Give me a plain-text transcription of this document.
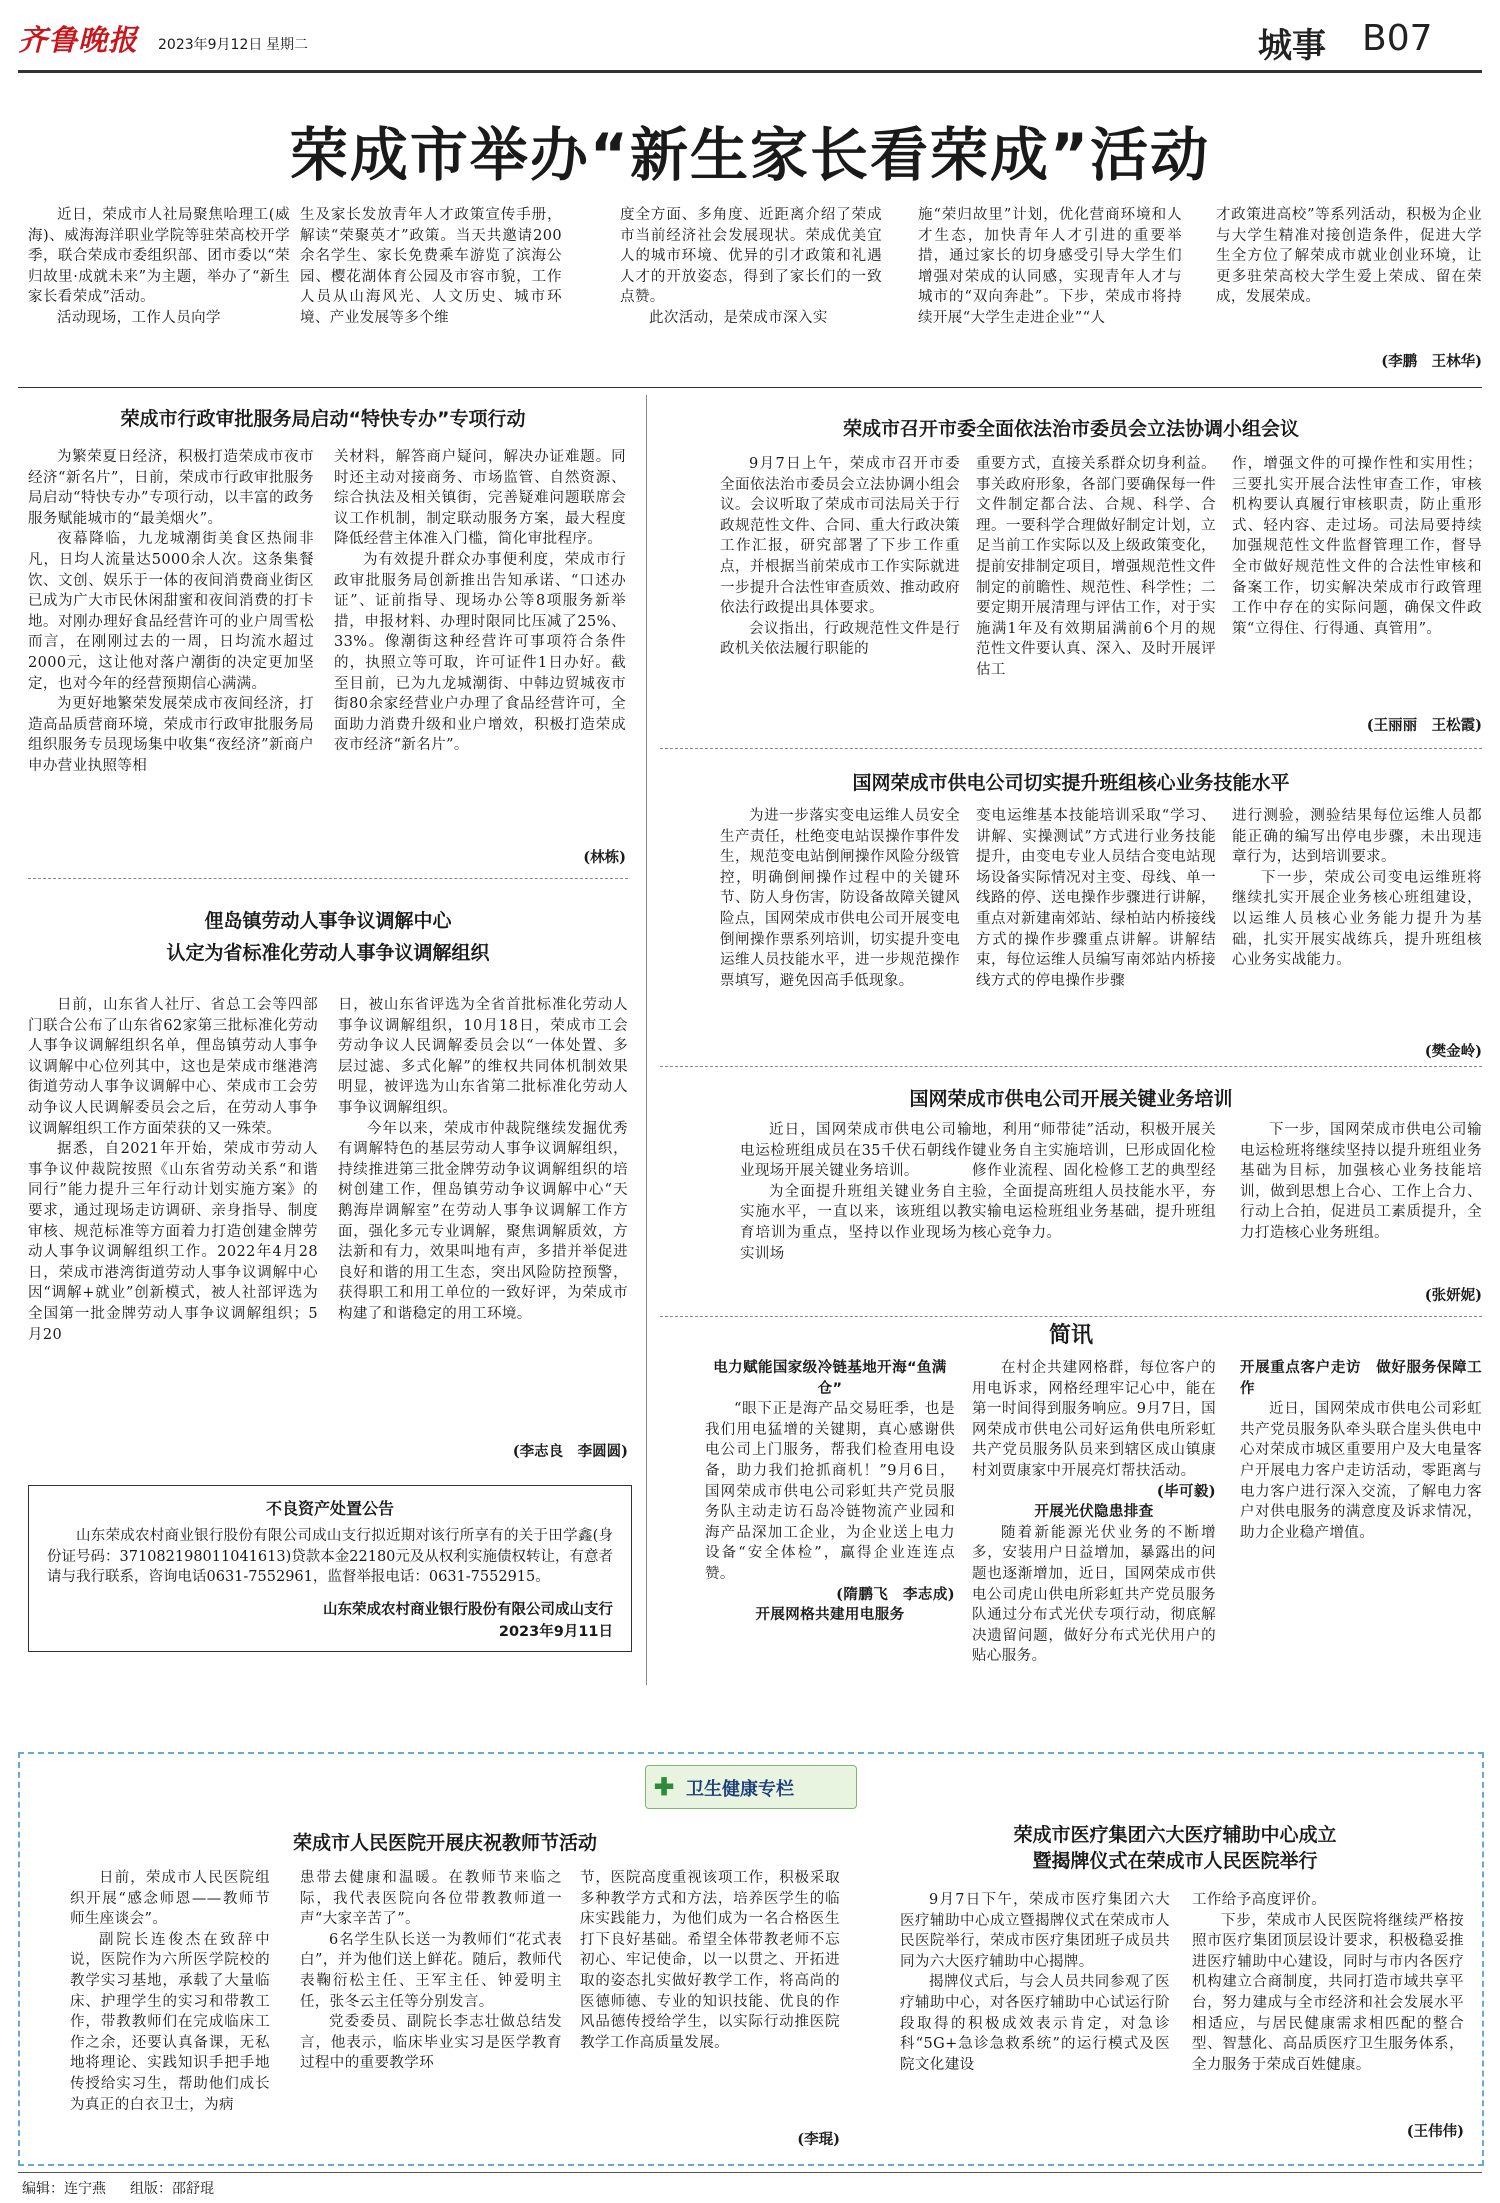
齐鲁晚报 2023年9月12日 星期二	城事 B07
荣成市举办“新生家长看荣成”活动

近日，荣成市人社局聚焦哈理工(威海)、威海海洋职业学院等驻荣高校开学季，联合荣成市委组织部、团市委以“荣归故里·成就未来”为主题，举办了“新生家长看荣成”活动。

活动现场，工作人员向学

生及家长发放青年人才政策宣传手册，解读“荣聚英才”政策。当天共邀请200余名学生、家长免费乘车游览了滨海公园、樱花湖体育公园及市容市貌，工作人员从山海风光、人文历史、城市环境、产业发展等多个维

度全方面、多角度、近距离介绍了荣成市当前经济社会发展现状。荣成优美宜人的城市环境、优异的引才政策和礼遇人才的开放姿态，得到了家长们的一致点赞。

此次活动，是荣成市深入实

施“荣归故里”计划，优化营商环境和人才生态，加快青年人才引进的重要举措，通过家长的切身感受引导大学生们增强对荣成的认同感，实现青年人才与城市的“双向奔赴”。下步，荣成市将持续开展“大学生走进企业”“人

才政策进高校”等系列活动，积极为企业与大学生精准对接创造条件，促进大学生全方位了解荣成市就业创业环境，让更多驻荣高校大学生爱上荣成、留在荣成，发展荣成。

(李鹏　王林华)
荣成市行政审批服务局启动“特快专办”专项行动

为繁荣夏日经济，积极打造荣成市夜市经济“新名片”，日前，荣成市行政审批服务局启动“特快专办”专项行动，以丰富的政务服务赋能城市的“最美烟火”。

夜幕降临，九龙城潮街美食区热闹非凡，日均人流量达5000余人次。这条集餐饮、文创、娱乐于一体的夜间消费商业街区已成为广大市民休闲甜蜜和夜间消费的打卡地。对刚办理好食品经营许可的业户周雪松而言，在刚刚过去的一周，日均流水超过2000元，这让他对落户潮街的决定更加坚定，也对今年的经营预期信心满满。

为更好地繁荣发展荣成市夜间经济，打造高品质营商环境，荣成市行政审批服务局组织服务专员现场集中收集“夜经济”新商户申办营业执照等相

关材料，解答商户疑问，解决办证难题。同时还主动对接商务、市场监管、自然资源、综合执法及相关镇街，完善疑难问题联席会议工作机制，制定联动服务方案，最大程度降低经营主体准入门槛，简化审批程序。

为有效提升群众办事便利度，荣成市行政审批服务局创新推出告知承诺、“口述办证”、证前指导、现场办公等8项服务新举措，申报材料、办理时限同比压减了25%、33%。像潮街这种经营许可事项符合条件的，执照立等可取，许可证件1日办好。截至目前，已为九龙城潮街、中韩边贸城夜市街80余家经营业户办理了食品经营许可，全面助力消费升级和业户增效，积极打造荣成夜市经济“新名片”。

(林栋)
俚岛镇劳动人事争议调解中心
认定为省标准化劳动人事争议调解组织

日前，山东省人社厅、省总工会等四部门联合公布了山东省62家第三批标准化劳动人事争议调解组织名单，俚岛镇劳动人事争议调解中心位列其中，这也是荣成市继港湾街道劳动人事争议调解中心、荣成市工会劳动争议人民调解委员会之后，在劳动人事争议调解组织工作方面荣获的又一殊荣。

据悉，自2021年开始，荣成市劳动人事争议仲裁院按照《山东省劳动关系“和谐同行”能力提升三年行动计划实施方案》的要求，通过现场走访调研、亲身指导、制度审核、规范标准等方面着力打造创建金牌劳动人事争议调解组织工作。2022年4月28日，荣成市港湾街道劳动人事争议调解中心因“调解+就业”创新模式，被人社部评选为全国第一批金牌劳动人事争议调解组织；5月20

日，被山东省评选为全省首批标准化劳动人事争议调解组织，10月18日，荣成市工会劳动争议人民调解委员会以“一体处置、多层过滤、多式化解”的维权共同体机制效果明显，被评选为山东省第二批标准化劳动人事争议调解组织。

今年以来，荣成市仲裁院继续发掘优秀有调解特色的基层劳动人事争议调解组织，持续推进第三批金牌劳动争议调解组织的培树创建工作，俚岛镇劳动争议调解中心“天鹅海岸调解室”在劳动人事争议调解工作方面，强化多元专业调解，聚焦调解质效，方法新和有力，效果叫地有声，多措并举促进良好和谐的用工生态，突出风险防控预警，获得职工和用工单位的一致好评，为荣成市构建了和谐稳定的用工环境。

(李志良　李圆圆)
不良资产处置公告
山东荣成农村商业银行股份有限公司成山支行拟近期对该行所享有的关于田学鑫(身份证号码：371082198011041613)贷款本金22180元及从权利实施债权转让，有意者请与我行联系，咨询电话0631-7552961，监督举报电话：0631-7552915。
山东荣成农村商业银行股份有限公司成山支行
2023年9月11日
荣成市召开市委全面依法治市委员会立法协调小组会议

9月7日上午，荣成市召开市委全面依法治市委员会立法协调小组会议。会议听取了荣成市司法局关于行政规范性文件、合同、重大行政决策工作汇报，研究部署了下步工作重点，并根据当前荣成市工作实际就进一步提升合法性审查质效、推动政府依法行政提出具体要求。

会议指出，行政规范性文件是行政机关依法履行职能的

重要方式，直接关系群众切身利益。事关政府形象，各部门要确保每一件文件制定都合法、合规、科学、合理。一要科学合理做好制定计划，立足当前工作实际以及上级政策变化，提前安排制定项目，增强规范性文件制定的前瞻性、规范性、科学性；二要定期开展清理与评估工作，对于实施满1年及有效期届满前6个月的规范性文件要认真、深入、及时开展评估工

作，增强文件的可操作性和实用性；三要扎实开展合法性审查工作，审核机构要认真履行审核职责，防止重形式、轻内容、走过场。司法局要持续加强规范性文件监督管理工作，督导全市做好规范性文件的合法性审核和备案工作，切实解决荣成市行政管理工作中存在的实际问题，确保文件政策“立得住、行得通、真管用”。

(王丽丽　王松霞)
国网荣成市供电公司切实提升班组核心业务技能水平

为进一步落实变电运维人员安全生产责任，杜绝变电站误操作事件发生，规范变电站倒闸操作风险分级管控，明确倒闸操作过程中的关键环节、防人身伤害，防设备故障关键风险点，国网荣成市供电公司开展变电倒闸操作票系列培训，切实提升变电运维人员技能水平，进一步规范操作票填写，避免因高手低现象。

变电运维基本技能培训采取“学习、讲解、实操测试”方式进行业务技能提升，由变电专业人员结合变电站现场设备实际情况对主变、母线、单一线路的停、送电操作步骤进行讲解，重点对新建南郊站、绿柏站内桥接线方式的操作步骤重点讲解。讲解结束，每位运维人员编写南郊站内桥接线方式的停电操作步骤

进行测验，测验结果每位运维人员都能正确的编写出停电步骤，未出现违章行为，达到培训要求。

下一步，荣成公司变电运维班将继续扎实开展企业务核心班组建设，以运维人员核心业务能力提升为基础，扎实开展实战练兵，提升班组核心业务实战能力。

(樊金岭)
国网荣成市供电公司开展关键业务培训

近日，国网荣成市供电公司输电运检班组成员在35千伏石朝线作业现场开展关键业务培训。

为全面提升班组关键业务自主实施水平，一直以来，该班组以教育培训为重点，坚持以作业现场为实训场

地，利用“师带徒”活动，积极开展关键业务自主实施培训，巳形成固化检修作业流程、固化检修工艺的典型经验，全面提高班组人员技能水平，夯实输电运检班组业务基础，提升班组核心竞争力。

下一步，国网荣成市供电公司输电运检班将继续坚持以提升班组业务基础为目标，加强核心业务技能培训，做到思想上合心、工作上合力、行动上合拍，促进员工素质提升，全力打造核心业务班组。

(张妍妮)
简讯

电力赋能国家级冷链基地开海“鱼满仓”

“眼下正是海产品交易旺季，也是我们用电猛增的关键期，真心感谢供电公司上门服务，帮我们检查用电设备，助力我们抢抓商机！”9月6日，国网荣成市供电公司彩虹共产党员服务队主动走访石岛冷链物流产业园和海产品深加工企业，为企业送上电力设备“安全体检”，赢得企业连连点赞。

(隋鹏飞　李志成)

开展网格共建用电服务

在村企共建网格群，每位客户的用电诉求，网格经理牢记心中，能在第一时间得到服务响应。9月7日，国网荣成市供电公司好运角供电所彩虹共产党员服务队员来到辖区成山镇康村刘贾康家中开展亮灯帮扶活动。

(毕可毅)

开展光伏隐患排查

随着新能源光伏业务的不断增多，安装用户日益增加，暴露出的问题也逐渐增加，近日，国网荣成市供电公司虎山供电所彩虹共产党员服务队通过分布式光伏专项行动，彻底解决遗留问题，做好分布式光伏用户的贴心服务。

开展重点客户走访　做好服务保障工作

近日，国网荣成市供电公司彩虹共产党员服务队牵头联合崖头供电中心对荣成市城区重要用户及大电量客户开展电力客户走访活动，零距离与电力客户进行深入交流，了解电力客户对供电服务的满意度及诉求情况，助力企业稳产增值。

✚ 卫生健康专栏
荣成市人民医院开展庆祝教师节活动

日前，荣成市人民医院组织开展“感念师恩——教师节师生座谈会”。

副院长连俊杰在致辞中说，医院作为六所医学院校的教学实习基地，承载了大量临床、护理学生的实习和带教工作，带教教师们在完成临床工作之余，还要认真备课，无私地将理论、实践知识手把手地传授给实习生，帮助他们成长为真正的白衣卫士，为病

患带去健康和温暖。在教师节来临之际，我代表医院向各位带教教师道一声“大家辛苦了”。

6名学生队长送一为教师们“花式表白”，并为他们送上鲜花。随后，教师代表鞠衍松主任、王军主任、钟爱明主任，张冬云主任等分别发言。

党委委员、副院长李志壮做总结发言，他表示，临床毕业实习是医学教育过程中的重要教学环

节，医院高度重视该项工作，积极采取多种教学方式和方法，培养医学生的临床实践能力，为他们成为一名合格医生打下良好基础。希望全体带教老师不忘初心、牢记使命，以一以贯之、开拓进取的姿态扎实做好教学工作，将高尚的医德师德、专业的知识技能、优良的作风品德传授给学生，以实际行动推医院教学工作高质量发展。

(李琨)
荣成市医疗集团六大医疗辅助中心成立
暨揭牌仪式在荣成市人民医院举行

9月7日下午，荣成市医疗集团六大医疗辅助中心成立暨揭牌仪式在荣成市人民医院举行，荣成市医疗集团班子成员共同为六大医疗辅助中心揭牌。

揭牌仪式后，与会人员共同参观了医疗辅助中心，对各医疗辅助中心试运行阶段取得的积极成效表示肯定，对急诊科“5G+急诊急救系统”的运行模式及医院文化建设

工作给予高度评价。

下步，荣成市人民医院将继续严格按照市医疗集团顶层设计要求，积极稳妥推进医疗辅助中心建设，同时与市内各医疗机构建立合商制度，共同打造市域共享平台，努力建成与全市经济和社会发展水平相适应，与居民健康需求相匹配的整合型、智慧化、高品质医疗卫生服务体系，全力服务于荣成百姓健康。

(王伟伟)
编辑：连宁燕 组版：邵舒琨
